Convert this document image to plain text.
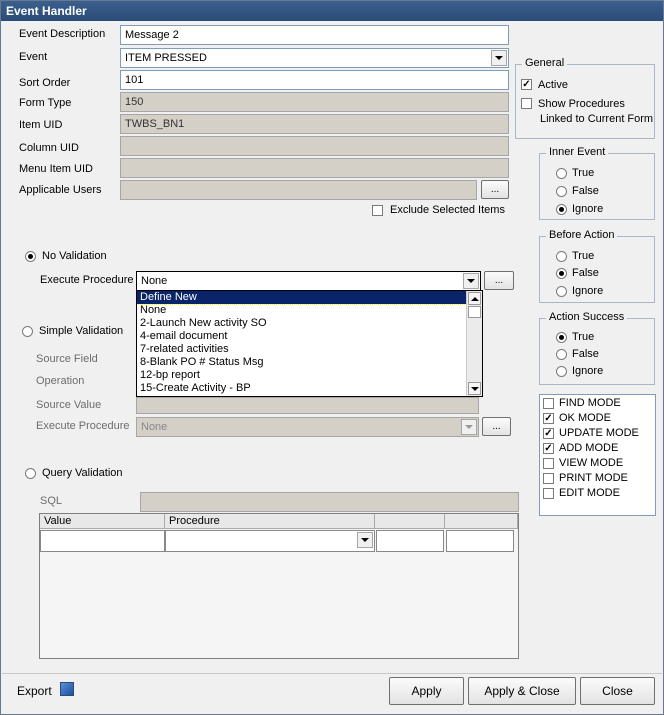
Event Handler
Event Description	Message 2
Event	ITEM PRESSED
Sort Order	101
Form Type	150
Item UID	TWBS_BN1
Column UID
Menu Item UID
Applicable Users	...
Exclude Selected Items
General
✓ Active
Show Procedures
Linked to Current Form
Inner Event
True
False
Ignore
Before Action
True
False
Ignore
Action Success
True
False
Ignore
FIND MODE
✓ OK MODE
✓ UPDATE MODE
✓ ADD MODE
VIEW MODE
PRINT MODE
EDIT MODE
No Validation
Execute Procedure None	...
Simple Validation
Source Field
Operation
Source Value
Execute Procedure	None	...
Query Validation
SQL
Value	Procedure
Define New
None
2-Launch New activity SO
4-email document
7-related activities
8-Blank PO # Status Msg
12-bp report
15-Create Activity - BP
Export	Apply	Apply & Close	Close
